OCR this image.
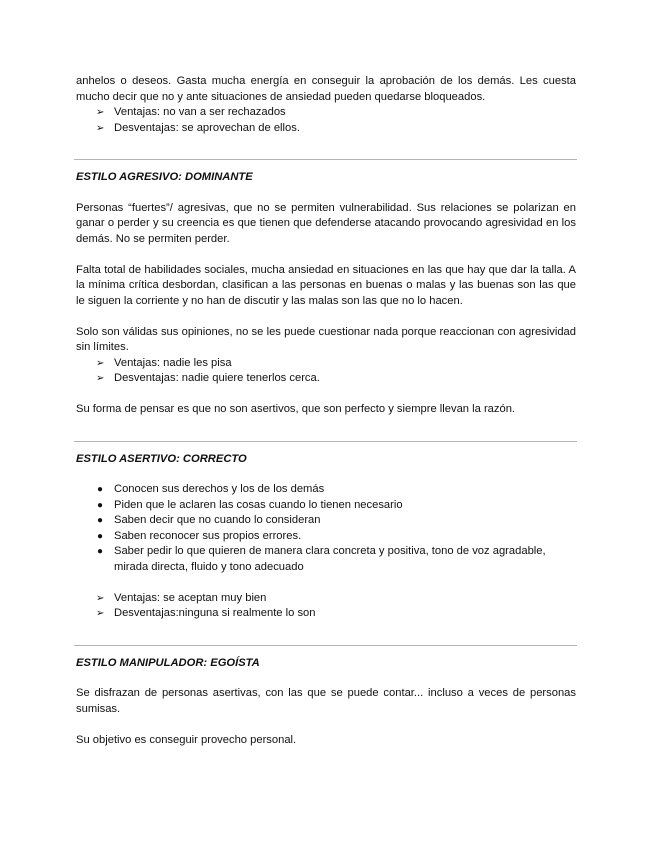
anhelos o deseos. Gasta mucha energía en conseguir la aprobación de los demás. Les cuesta mucho decir que no y ante situaciones de ansiedad pueden quedarse bloqueados.

➢ Ventajas: no van a ser rechazados
➢ Desventajas: se aprovechan de ellos.
ESTILO AGRESIVO: DOMINANTE

Personas “fuertes”/ agresivas, que no se permiten vulnerabilidad. Sus relaciones se polarizan en ganar o perder y su creencia es que tienen que defenderse atacando provocando agresividad en los demás. No se permiten perder.

Falta total de habilidades sociales, mucha ansiedad en situaciones en las que hay que dar la talla. A la mínima crítica desbordan, clasifican a las personas en buenas o malas y las buenas son las que le siguen la corriente y no han de discutir y las malas son las que no lo hacen.

Solo son válidas sus opiniones, no se les puede cuestionar nada porque reaccionan con agresividad sin límites.

➢ Ventajas: nadie les pisa
➢ Desventajas: nadie quiere tenerlos cerca.

Su forma de pensar es que no son asertivos, que son perfecto y siempre llevan la razón.

ESTILO ASERTIVO: CORRECTO
● Conocen sus derechos y los de los demás
● Piden que le aclaren las cosas cuando lo tienen necesario
● Saben decir que no cuando lo consideran
● Saben reconocer sus propios errores.
● Saber pedir lo que quieren de manera clara concreta y positiva, tono de voz agradable, mirada directa, fluido y tono adecuado
➢ Ventajas: se aceptan muy bien
➢ Desventajas:ninguna si realmente lo son
ESTILO MANIPULADOR: EGOÍSTA

Se disfrazan de personas asertivas, con las que se puede contar... incluso a veces de personas sumisas.

Su objetivo es conseguir provecho personal.
